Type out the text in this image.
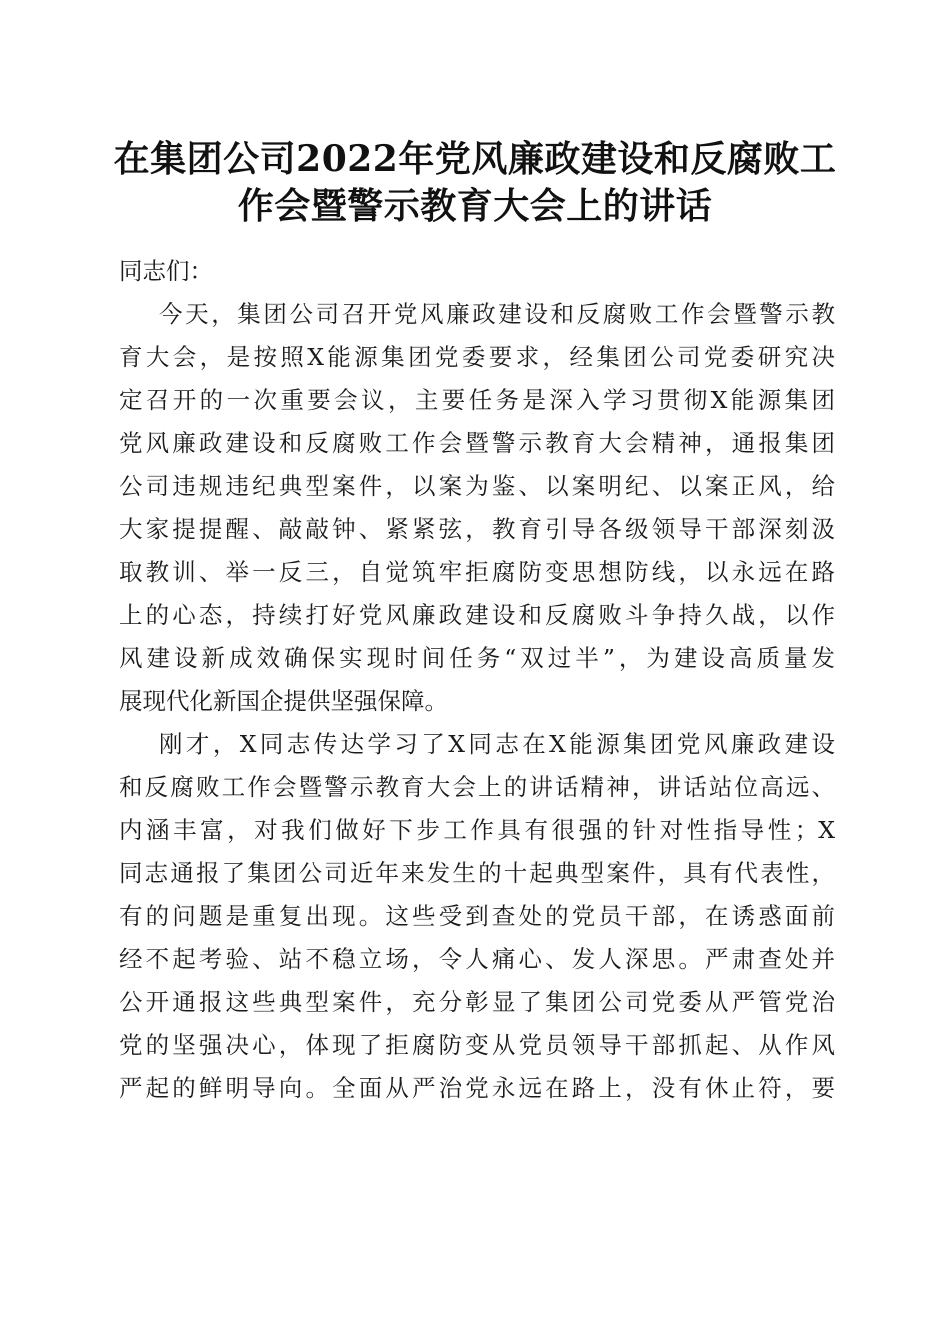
在集团公司2022年党风廉政建设和反腐败工
作会暨警示教育大会上的讲话
同志们：
今天，集团公司召开党风廉政建设和反腐败工作会暨警示教
育大会，是按照X能源集团党委要求，经集团公司党委研究决
定召开的一次重要会议，主要任务是深入学习贯彻X能源集团
党风廉政建设和反腐败工作会暨警示教育大会精神，通报集团
公司违规违纪典型案件，以案为鉴、以案明纪、以案正风，给
大家提提醒、敲敲钟、紧紧弦，教育引导各级领导干部深刻汲
取教训、举一反三，自觉筑牢拒腐防变思想防线，以永远在路
上的心态，持续打好党风廉政建设和反腐败斗争持久战，以作
风建设新成效确保实现时间任务“双过半”，为建设高质量发
展现代化新国企提供坚强保障。
刚才，X同志传达学习了X同志在X能源集团党风廉政建设
和反腐败工作会暨警示教育大会上的讲话精神，讲话站位高远、
内涵丰富，对我们做好下步工作具有很强的针对性指导性；X
同志通报了集团公司近年来发生的十起典型案件，具有代表性，
有的问题是重复出现。这些受到查处的党员干部，在诱惑面前
经不起考验、站不稳立场，令人痛心、发人深思。严肃查处并
公开通报这些典型案件，充分彰显了集团公司党委从严管党治
党的坚强决心，体现了拒腐防变从党员领导干部抓起、从作风
严起的鲜明导向。全面从严治党永远在路上，没有休止符，要
